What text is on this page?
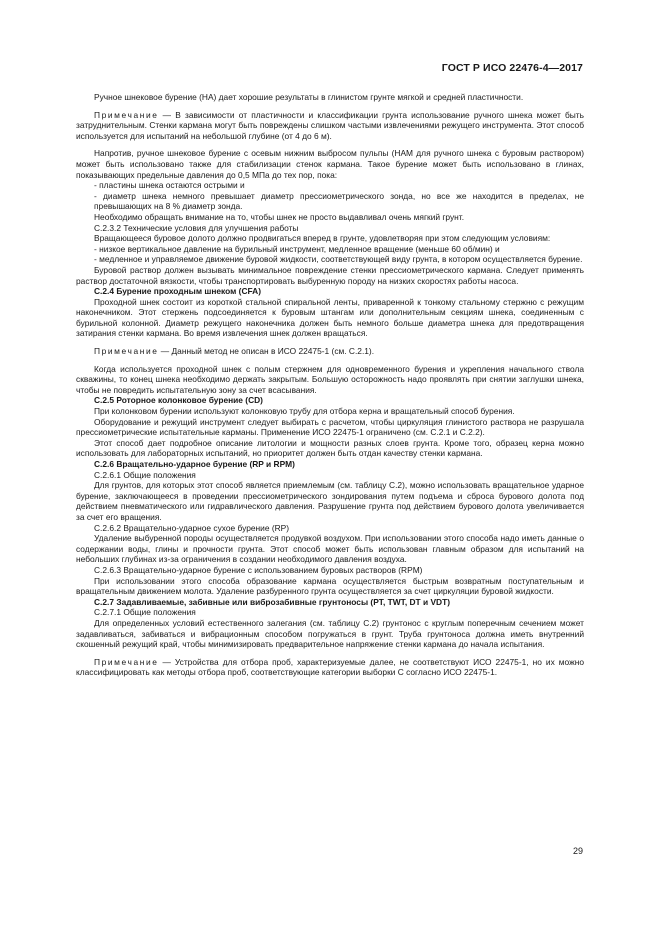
ГОСТ Р ИСО 22476-4—2017

Ручное шнековое бурение (НА) дает хорошие результаты в глинистом грунте мягкой и средней пластичности.

Примечание — В зависимости от пластичности и классификации грунта использование ручного шнека может быть затруднительным. Стенки кармана могут быть повреждены слишком частыми извлечениями режущего инструмента. Этот способ используется для испытаний на небольшой глубине (от 4 до 6 м).

Напротив, ручное шнековое бурение с осевым нижним выбросом пульпы (НАМ для ручного шнека с буровым раствором) может быть использовано также для стабилизации стенок кармана. Такое бурение может быть использовано в глинах, показывающих предельные давления до 0,5 МПа до тех пор, пока:

- пластины шнека остаются острыми и

- диаметр шнека немного превышает диаметр прессиометрического зонда, но все же находится в пределах, не превышающих на 8 % диаметр зонда.

Необходимо обращать внимание на то, чтобы шнек не просто выдавливал очень мягкий грунт.

С.2.3.2 Технические условия для улучшения работы

Вращающееся буровое долото должно продвигаться вперед в грунте, удовлетворяя при этом следующим условиям:

- низкое вертикальное давление на бурильный инструмент, медленное вращение (меньше 60 об/мин) и

- медленное и управляемое движение буровой жидкости, соответствующей виду грунта, в котором осуществляется бурение.

Буровой раствор должен вызывать минимальное повреждение стенки прессиометрического кармана. Следует применять раствор достаточной вязкости, чтобы транспортировать выбуренную породу на низких скоростях работы насоса.

С.2.4 Бурение проходным шнеком (CFA)

Проходной шнек состоит из короткой стальной спиральной ленты, приваренной к тонкому стальному стержню с режущим наконечником. Этот стержень подсоединяется к буровым штангам или дополнительным секциям шнека, соединенным с бурильной колонной. Диаметр режущего наконечника должен быть немного больше диаметра шнека для предотвращения затирания стенки кармана. Во время извлечения шнек должен вращаться.

Примечание — Данный метод не описан в ИСО 22475-1 (см. С.2.1).

Когда используется проходной шнек с полым стержнем для одновременного бурения и укрепления начального ствола скважины, то конец шнека необходимо держать закрытым. Большую осторожность надо проявлять при снятии заглушки шнека, чтобы не повредить испытательную зону за счет всасывания.

С.2.5 Роторное колонковое бурение (CD)

При колонковом бурении используют колонковую трубу для отбора керна и вращательный способ бурения.

Оборудование и режущий инструмент следует выбирать с расчетом, чтобы циркуляция глинистого раствора не разрушала прессиометрические испытательные карманы. Применение ИСО 22475-1 ограничено (см. С.2.1 и С.2.2).

Этот способ дает подробное описание литологии и мощности разных слоев грунта. Кроме того, образец керна можно использовать для лабораторных испытаний, но приоритет должен быть отдан качеству стенки кармана.

С.2.6 Вращательно-ударное бурение (RP и RPM)

С.2.6.1 Общие положения

Для грунтов, для которых этот способ является приемлемым (см. таблицу С.2), можно использовать вращательное ударное бурение, заключающееся в проведении прессиометрического зондирования путем подъема и сброса бурового долота под действием пневматического или гидравлического давления. Разрушение грунта под действием бурового долота увеличивается за счет его вращения.

С.2.6.2 Вращательно-ударное сухое бурение (RP)

Удаление выбуренной породы осуществляется продувкой воздухом. При использовании этого способа надо иметь данные о содержании воды, глины и прочности грунта. Этот способ может быть использован главным образом для испытаний на небольших глубинах из-за ограничения в создании необходимого давления воздуха.

С.2.6.3 Вращательно-ударное бурение с использованием буровых растворов (RPM)

При использовании этого способа образование кармана осуществляется быстрым возвратным поступательным и вращательным движением молота. Удаление разбуренного грунта осуществляется за счет циркуляции буровой жидкости.

С.2.7 Задавливаемые, забивные или виброзабивные грунтоносы (PT, TWT, DT и VDT)

С.2.7.1 Общие положения

Для определенных условий естественного залегания (см. таблицу С.2) грунтонос с круглым поперечным сечением может задавливаться, забиваться и вибрационным способом погружаться в грунт. Труба грунтоноса должна иметь внутренний скошенный режущий край, чтобы минимизировать предварительное напряжение стенки кармана до начала испытания.

Примечание — Устройства для отбора проб, характеризуемые далее, не соответствуют ИСО 22475-1, но их можно классифицировать как методы отбора проб, соответствующие категории выборки С согласно ИСО 22475-1.

29
